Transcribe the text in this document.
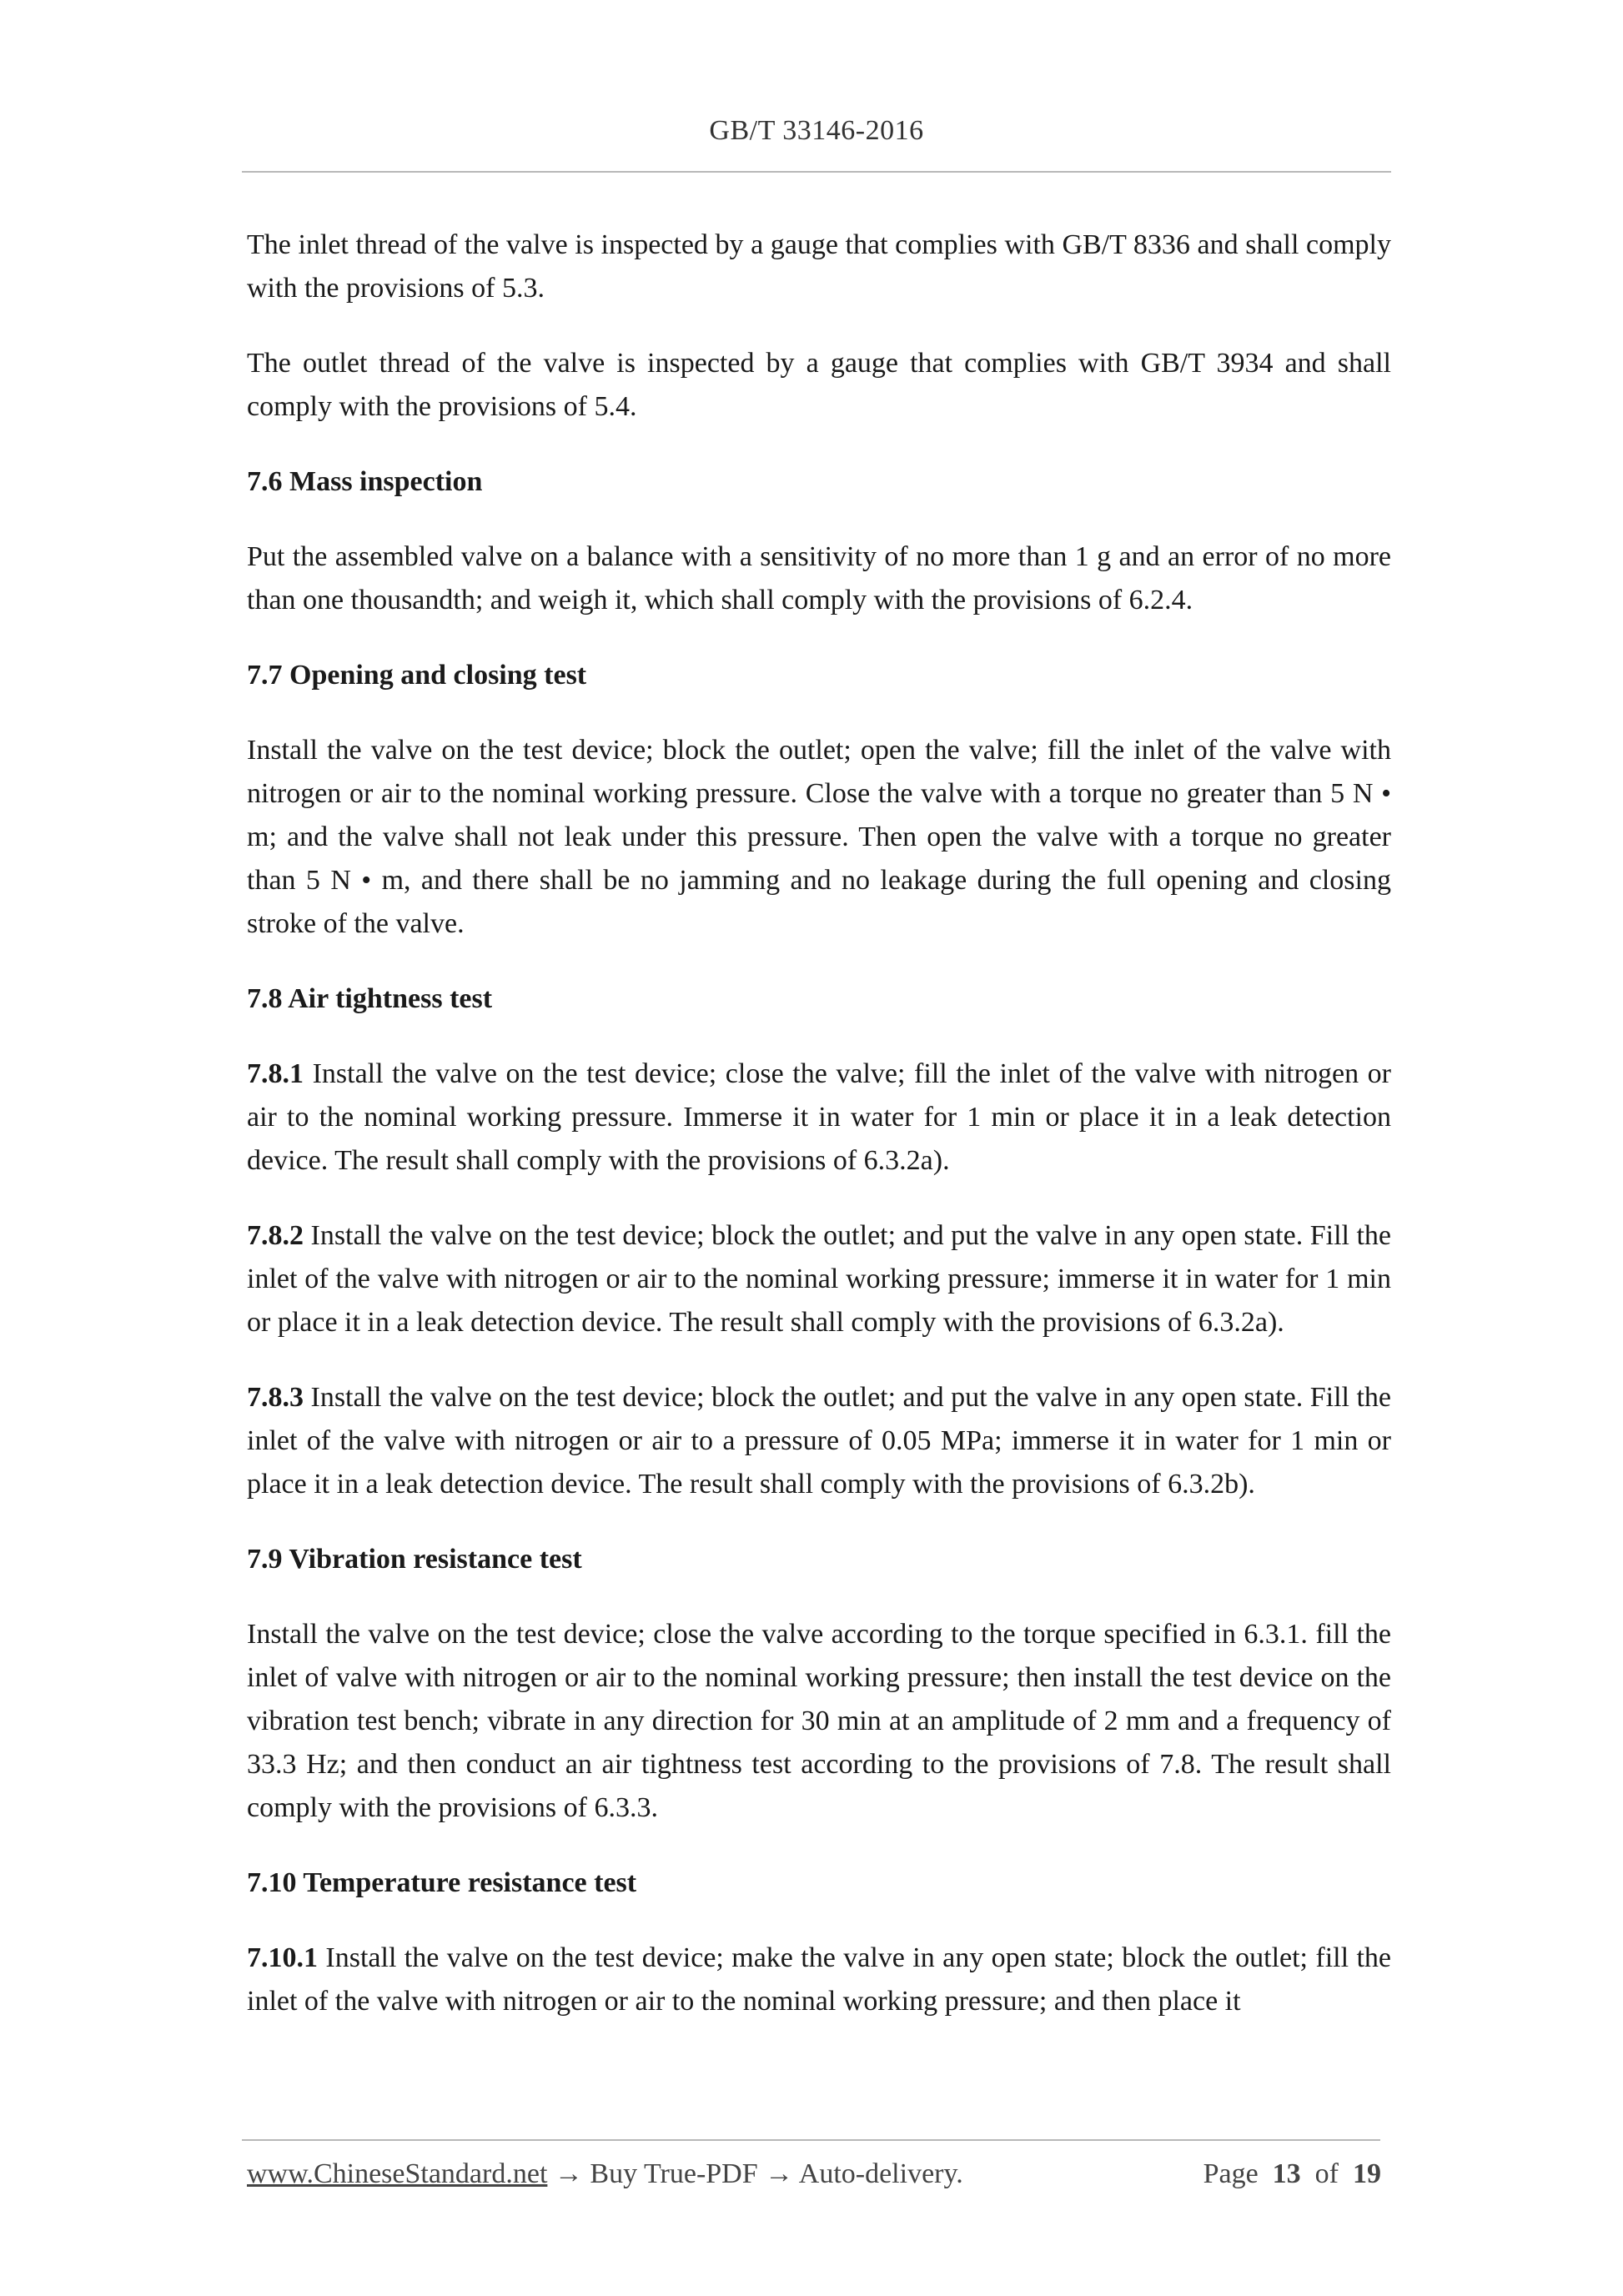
GB/T 33146-2016

The inlet thread of the valve is inspected by a gauge that complies with GB/T 8336 and shall comply with the provisions of 5.3.

The outlet thread of the valve is inspected by a gauge that complies with GB/T 3934 and shall comply with the provisions of 5.4.

7.6 Mass inspection

Put the assembled valve on a balance with a sensitivity of no more than 1 g and an error of no more than one thousandth; and weigh it, which shall comply with the provisions of 6.2.4.

7.7 Opening and closing test

Install the valve on the test device; block the outlet; open the valve; fill the inlet of the valve with nitrogen or air to the nominal working pressure. Close the valve with a torque no greater than 5 N • m; and the valve shall not leak under this pressure. Then open the valve with a torque no greater than 5 N • m, and there shall be no jamming and no leakage during the full opening and closing stroke of the valve.

7.8 Air tightness test

7.8.1 Install the valve on the test device; close the valve; fill the inlet of the valve with nitrogen or air to the nominal working pressure. Immerse it in water for 1 min or place it in a leak detection device. The result shall comply with the provisions of 6.3.2a).

7.8.2 Install the valve on the test device; block the outlet; and put the valve in any open state. Fill the inlet of the valve with nitrogen or air to the nominal working pressure; immerse it in water for 1 min or place it in a leak detection device. The result shall comply with the provisions of 6.3.2a).

7.8.3 Install the valve on the test device; block the outlet; and put the valve in any open state. Fill the inlet of the valve with nitrogen or air to a pressure of 0.05 MPa; immerse it in water for 1 min or place it in a leak detection device. The result shall comply with the provisions of 6.3.2b).

7.9 Vibration resistance test

Install the valve on the test device; close the valve according to the torque specified in 6.3.1. fill the inlet of valve with nitrogen or air to the nominal working pressure; then install the test device on the vibration test bench; vibrate in any direction for 30 min at an amplitude of 2 mm and a frequency of 33.3 Hz; and then conduct an air tightness test according to the provisions of 7.8. The result shall comply with the provisions of 6.3.3.

7.10 Temperature resistance test

7.10.1 Install the valve on the test device; make the valve in any open state; block the outlet; fill the inlet of the valve with nitrogen or air to the nominal working pressure; and then place it

www.ChineseStandard.net → Buy True-PDF → Auto-delivery.	Page 13 of 19
